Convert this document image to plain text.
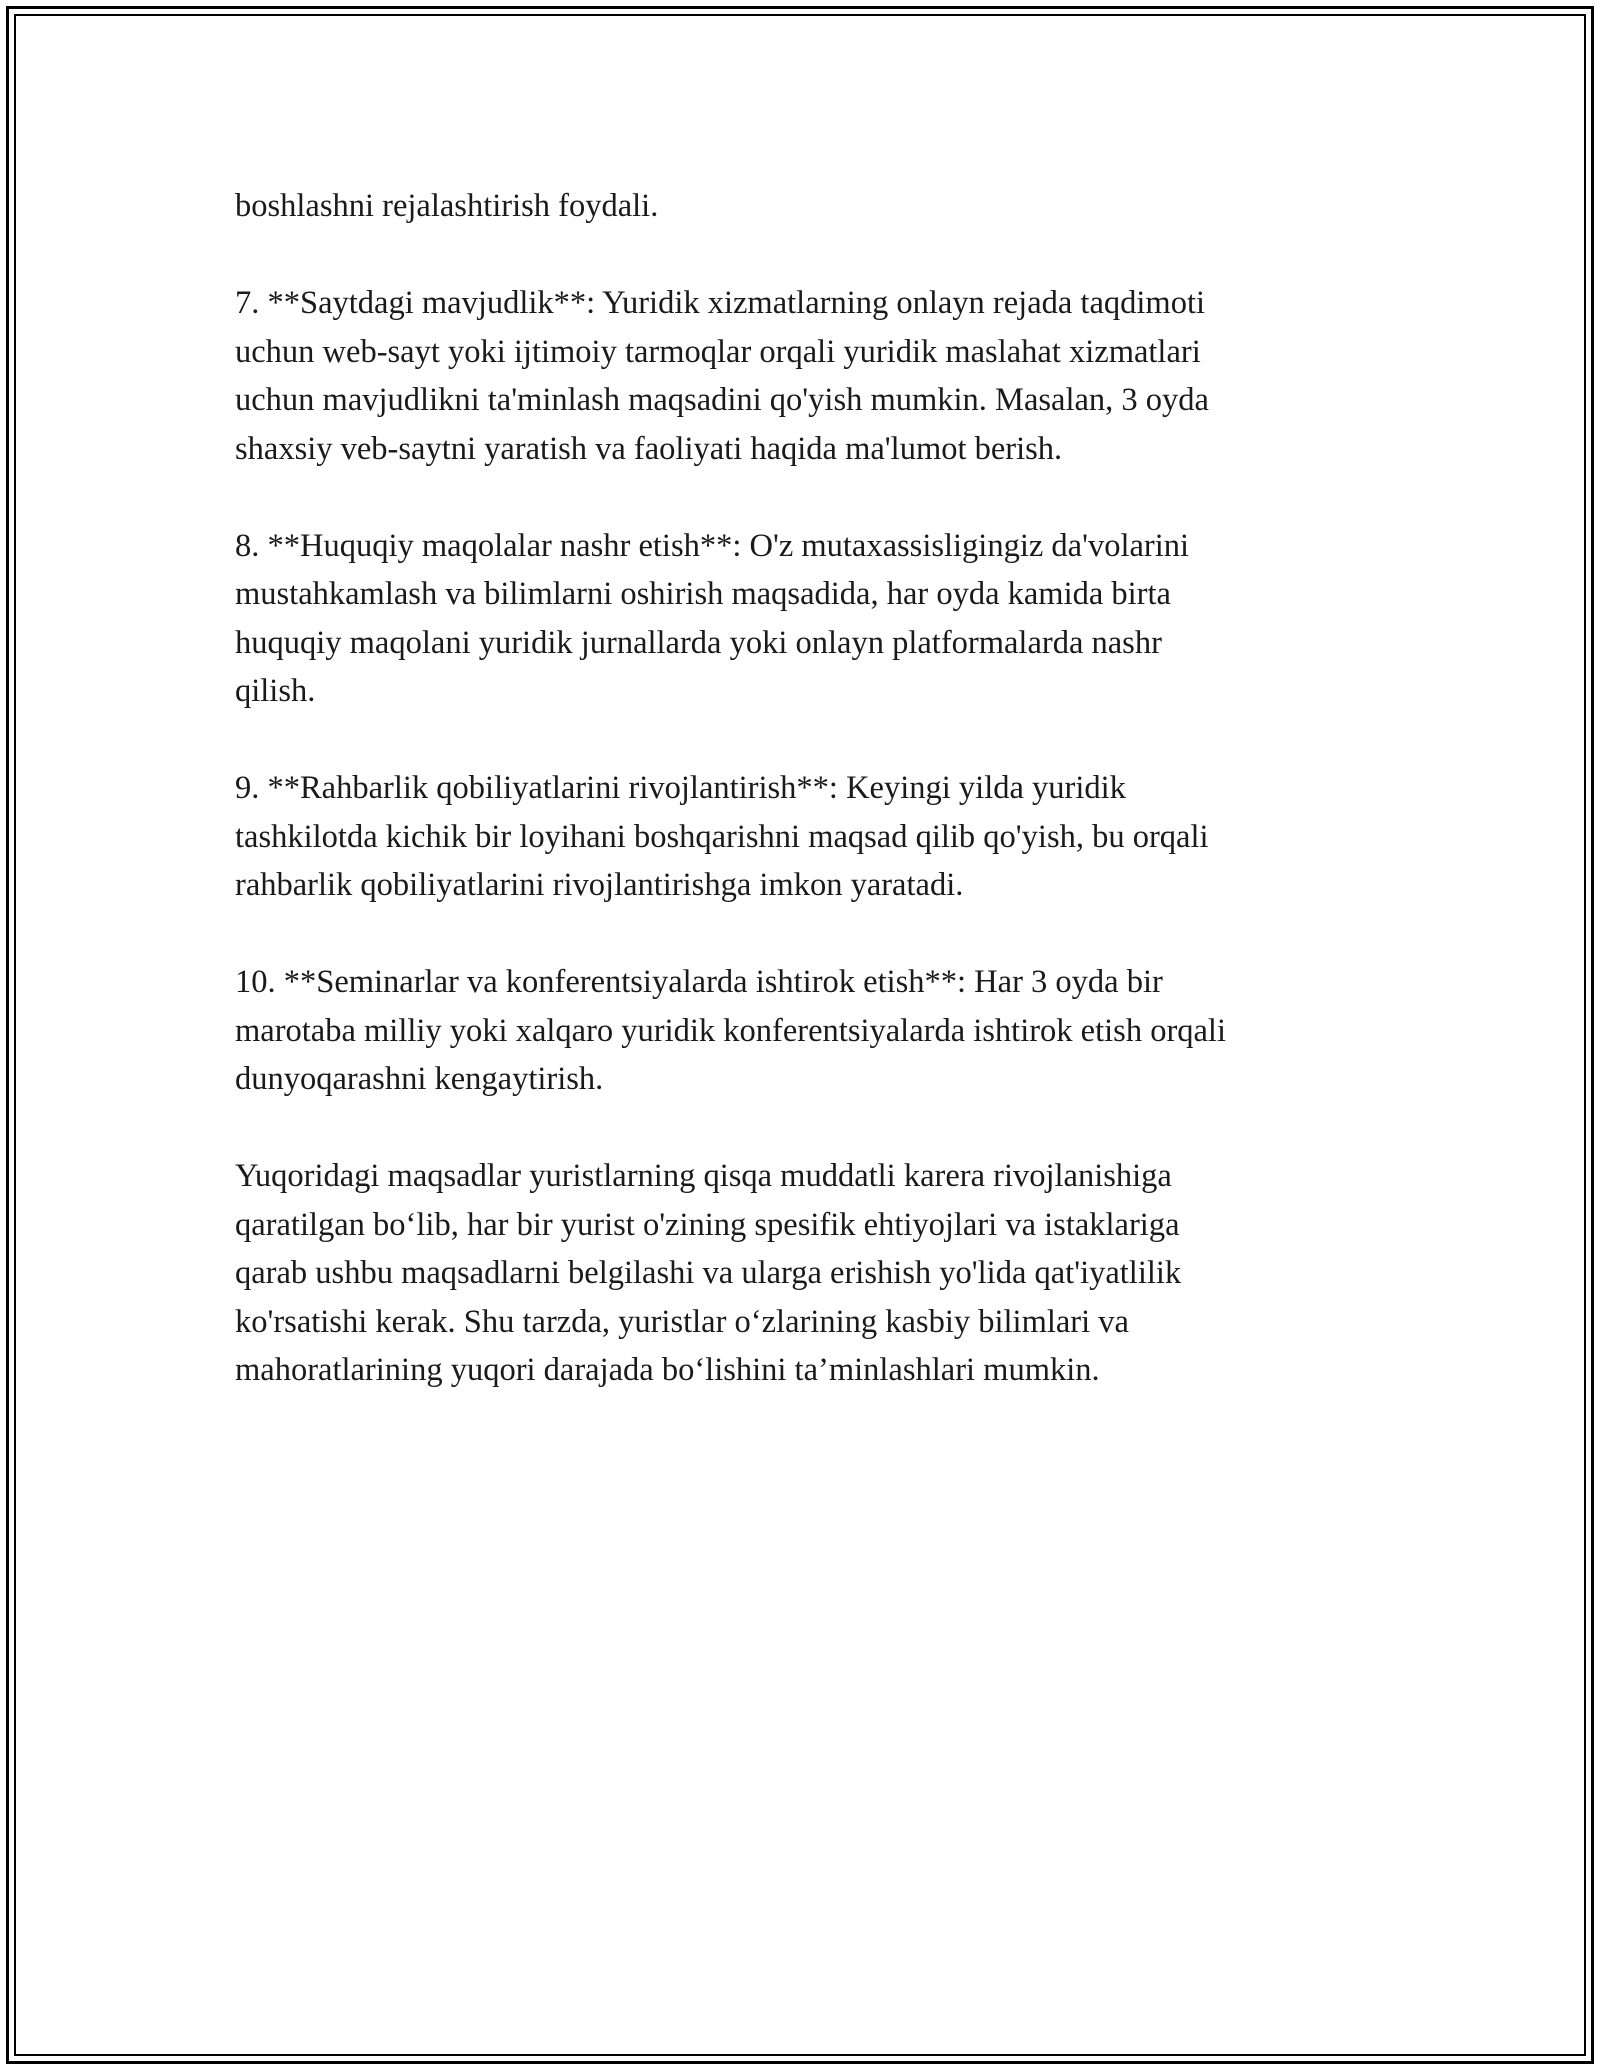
boshlashni rejalashtirish foydali.

7. **Saytdagi mavjudlik**: Yuridik xizmatlarning onlayn rejada taqdimoti
uchun web-sayt yoki ijtimoiy tarmoqlar orqali yuridik maslahat xizmatlari
uchun mavjudlikni ta'minlash maqsadini qo'yish mumkin. Masalan, 3 oyda
shaxsiy veb-saytni yaratish va faoliyati haqida ma'lumot berish.

8. **Huquqiy maqolalar nashr etish**: O'z mutaxassisligingiz da'volarini
mustahkamlash va bilimlarni oshirish maqsadida, har oyda kamida birta
huquqiy maqolani yuridik jurnallarda yoki onlayn platformalarda nashr
qilish.

9. **Rahbarlik qobiliyatlarini rivojlantirish**: Keyingi yilda yuridik
tashkilotda kichik bir loyihani boshqarishni maqsad qilib qo'yish, bu orqali
rahbarlik qobiliyatlarini rivojlantirishga imkon yaratadi.

10. **Seminarlar va konferentsiyalarda ishtirok etish**: Har 3 oyda bir
marotaba milliy yoki xalqaro yuridik konferentsiyalarda ishtirok etish orqali
dunyoqarashni kengaytirish.

Yuqoridagi maqsadlar yuristlarning qisqa muddatli karera rivojlanishiga
qaratilgan bo‘lib, har bir yurist o'zining spesifik ehtiyojlari va istaklariga
qarab ushbu maqsadlarni belgilashi va ularga erishish yo'lida qat'iyatlilik
ko'rsatishi kerak. Shu tarzda, yuristlar o‘zlarining kasbiy bilimlari va
mahoratlarining yuqori darajada bo‘lishini ta’minlashlari mumkin.
